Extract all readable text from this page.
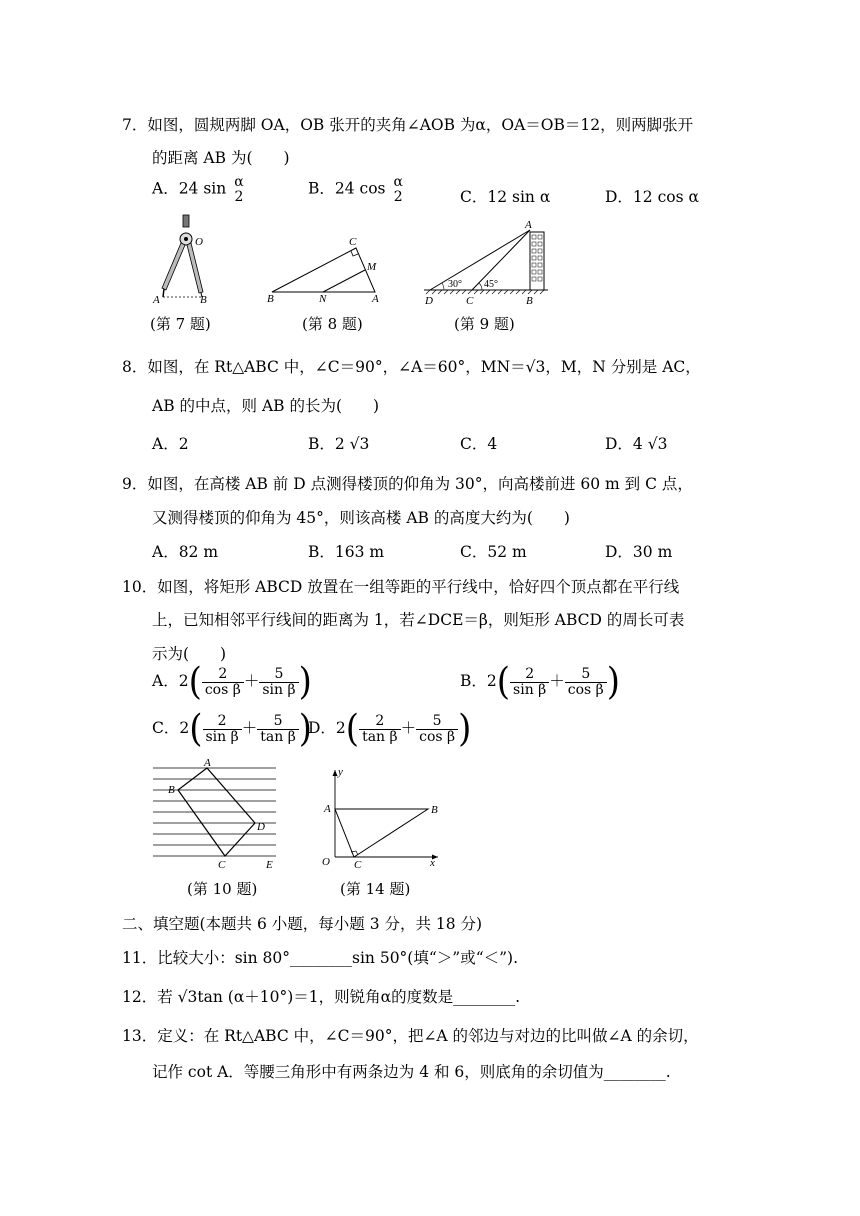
7．如图，圆规两脚 OA，OB 张开的夹角∠AOB 为α，OA＝OB＝12，则两脚张开
的距离 AB 为(　　)
A．24 sin α
2	B．24 cos α
2	C．12 sin α	D．12 cos α
A	B
O
B	N	A
C
M
A
D	C	B
30° 45°
(第 7 题)	(第 8 题)	(第 9 题)
8．如图，在 Rt△ABC 中，∠C＝90°，∠A＝60°，MN＝√3，M，N 分别是 AC，
AB 的中点，则 AB 的长为(　　)
A．2	B．2 √3	C．4	D．4 √3
9．如图，在高楼 AB 前 D 点测得楼顶的仰角为 30°，向高楼前进 60 m 到 C 点，
又测得楼顶的仰角为 45°，则该高楼 AB 的高度大约为(　　)
A．82 m	B．163 m	C．52 m	D．30 m
10．如图，将矩形 ABCD 放置在一组等距的平行线中，恰好四个顶点都在平行线
上，已知相邻平行线间的距离为 1，若∠DCE＝β，则矩形 ABCD 的周长可表
示为(　　)
A．$2( \frac{2}{\text{cos β}} + \frac{5}{\text{sin β}}$ )	B．$2( \frac{2}{\text{sin β}} + \frac{5}{\text{cos β}}$ )
C．$2( \frac{2}{\text{sin β}} + \frac{5}{\text{tan β}}$ )
D．$2( \frac{2}{\text{tan β}} + \frac{5}{\text{cos β}}$ )
A
B
C
D
E
y
A	B
O C	x
(第 10 题)	(第 14 题)
二、填空题(本题共 6 小题，每小题 3 分，共 18 分)
11．比较大小：sin 80°________sin 50°(填“＞”或“＜”).
12．若 √3tan (α＋10°)＝1，则锐角α的度数是________.
13．定义：在 Rt△ABC 中，∠C＝90°，把∠A 的邻边与对边的比叫做∠A 的余切，
记作 cot A．等腰三角形中有两条边为 4 和 6，则底角的余切值为________.
